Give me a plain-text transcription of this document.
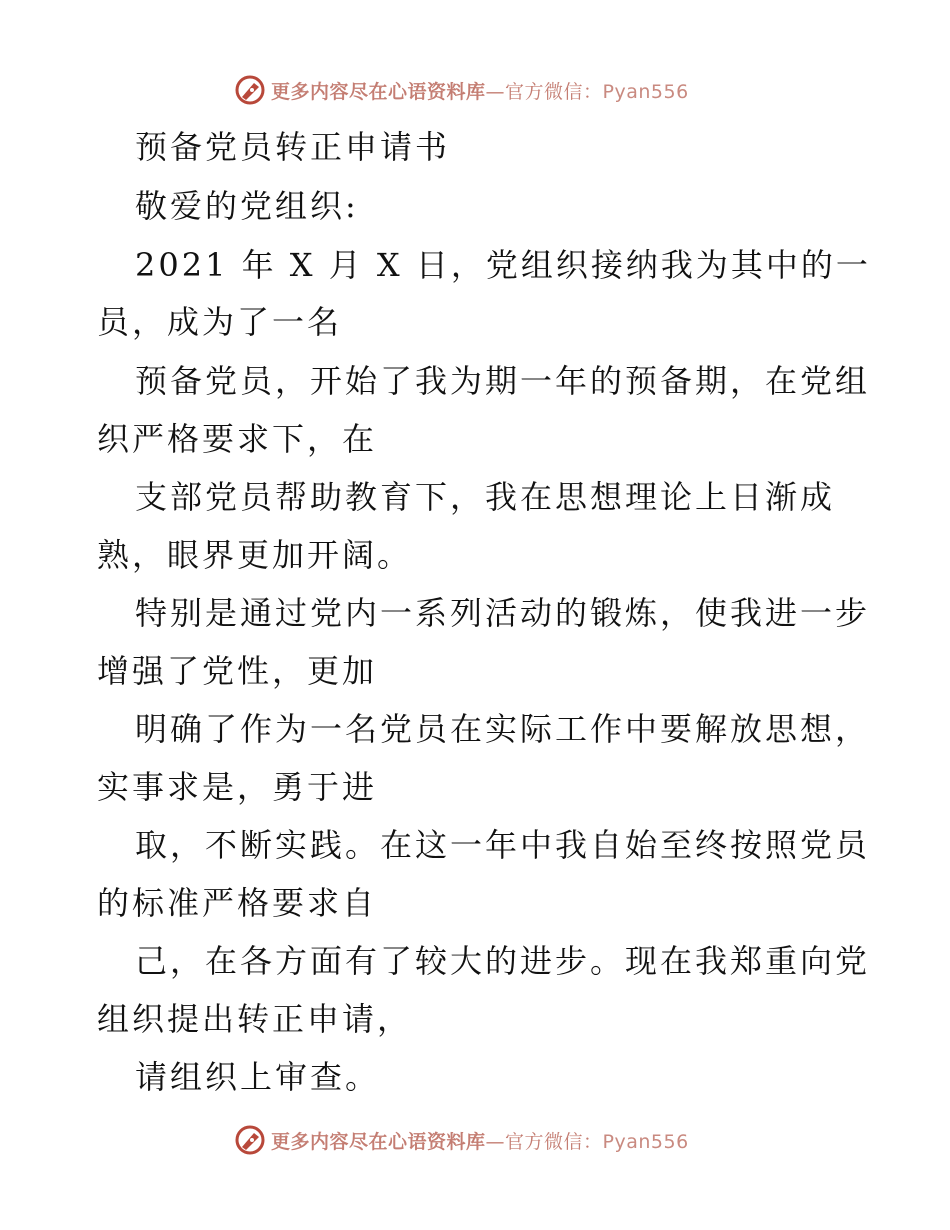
更多内容尽在心语资料库—官方微信：Pyan556
预备党员转正申请书
敬爱的党组织:
2021 年 X 月 X 日，党组织接纳我为其中的一
员，成为了一名
预备党员，开始了我为期一年的预备期，在党组
织严格要求下，在
支部党员帮助教育下，我在思想理论上日渐成
熟，眼界更加开阔。
特别是通过党内一系列活动的锻炼，使我进一步
增强了党性，更加
明确了作为一名党员在实际工作中要解放思想，
实事求是，勇于进
取，不断实践。在这一年中我自始至终按照党员
的标准严格要求自
己，在各方面有了较大的进步。现在我郑重向党
组织提出转正申请，
请组织上审查。
更多内容尽在心语资料库—官方微信：Pyan556
